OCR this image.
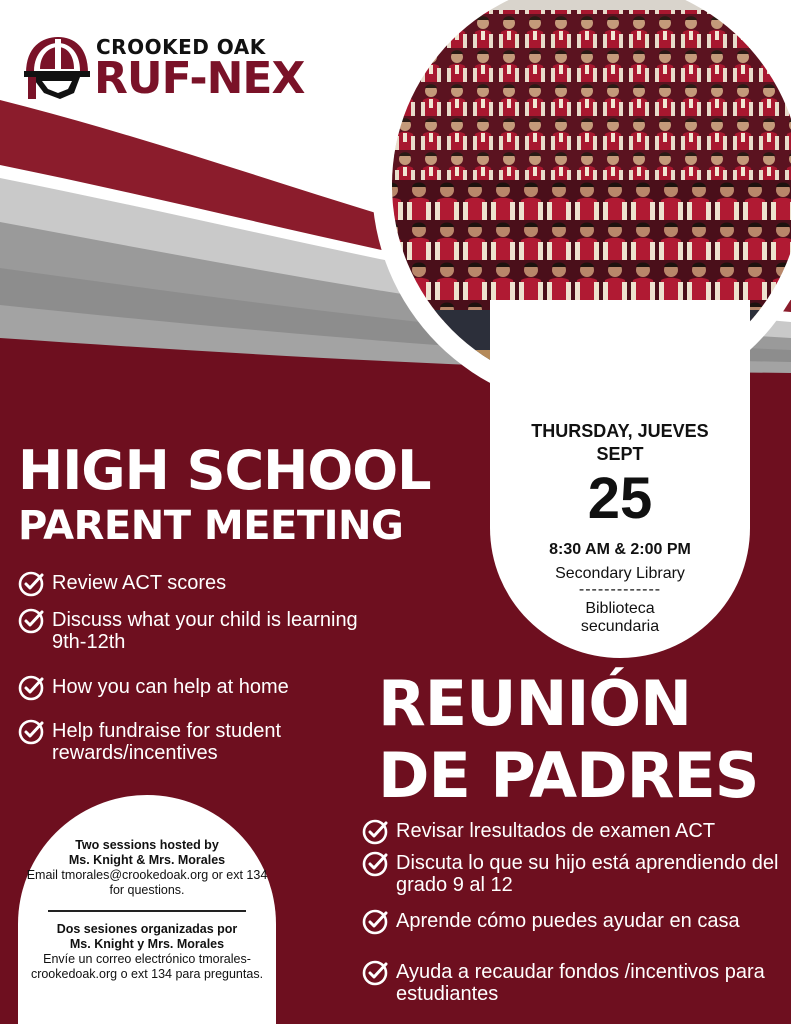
CROOKED OAK
RUF-NEX
THURSDAY, JUEVES
SEPT
25
8:30 AM & 2:00 PM
Secondary Library
-------------
Biblioteca secundaria
HIGH SCHOOL
PARENT MEETING
Review ACT scores
Discuss what your child is learning 9th-12th
How you can help at home
Help fundraise for student rewards/incentives
REUNIÓN
DE PADRES
Revisar lresultados de examen ACT
Discuta lo que su hijo está aprendiendo del grado 9 al 12
Aprende cómo puedes ayudar en casa
Ayuda a recaudar fondos /incentivos para estudiantes
Two sessions hosted by
Ms. Knight & Mrs. Morales
Email tmorales@crookedoak.org or ext 134 for questions.
Dos sesiones organizadas por
Ms. Knight y Mrs. Morales
Envíe un correo electrónico tmorales-crookedoak.org o ext 134 para preguntas.
